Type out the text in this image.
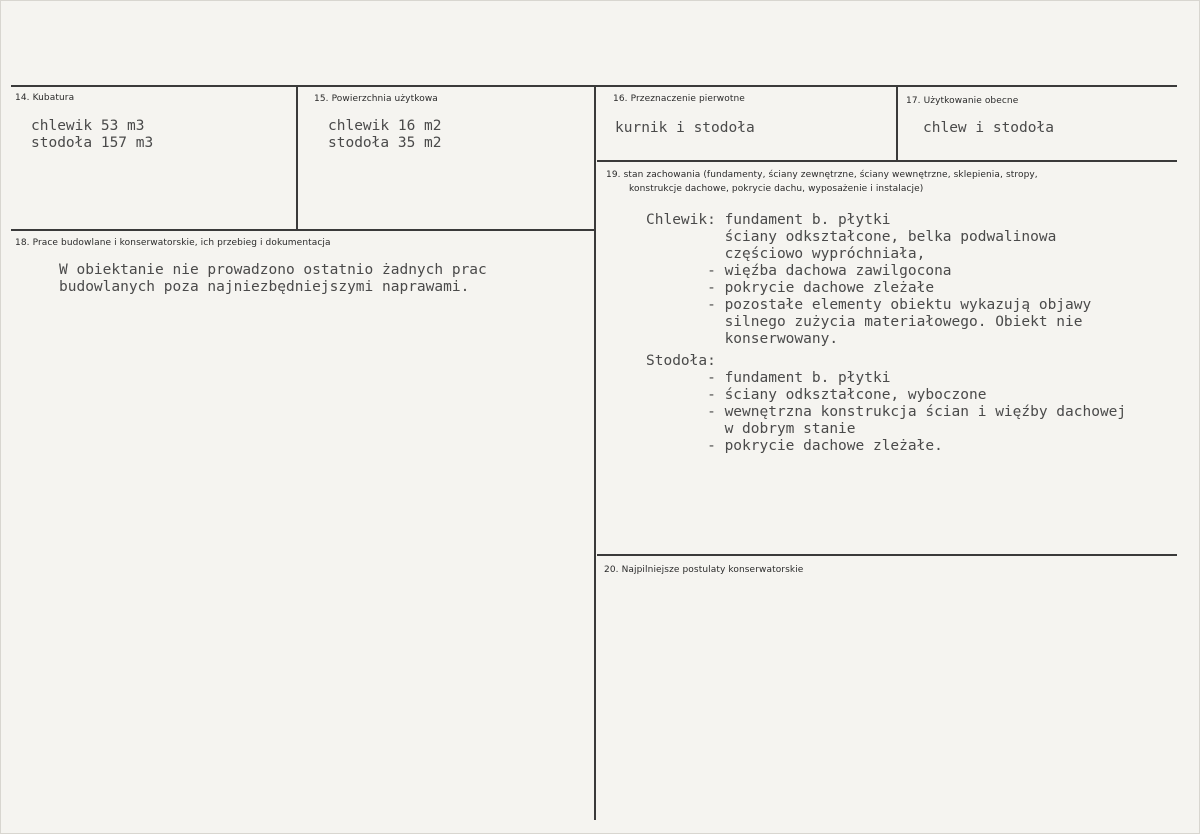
14. Kubatura
chlewik 53 m3
stodoła 157 m3
15. Powierzchnia użytkowa
chlewik 16 m2
stodoła 35 m2
16. Przeznaczenie pierwotne
kurnik i stodoła
17. Użytkowanie obecne
chlew i stodoła
18. Prace budowlane i konserwatorskie, ich przebieg i dokumentacja
W obiektanie nie prowadzono ostatnio żadnych prac
budowlanych poza najniezbędniejszymi naprawami.
19. stan zachowania (fundamenty, ściany zewnętrzne, ściany wewnętrzne, sklepienia, stropy,
konstrukcje dachowe, pokrycie dachu, wyposażenie i instalacje)
Chlewik: fundament b. płytki
ściany odkształcone, belka podwalinowa
częściowo wypróchniała,
- więźba dachowa zawilgocona
- pokrycie dachowe zleżałe
- pozostałe elementy obiektu wykazują objawy
silnego zużycia materiałowego. Obiekt nie
konserwowany.
Stodoła:
- fundament b. płytki
- ściany odkształcone, wyboczone
- wewnętrzna konstrukcja ścian i więźby dachowej
w dobrym stanie
- pokrycie dachowe zleżałe.
20. Najpilniejsze postulaty konserwatorskie
